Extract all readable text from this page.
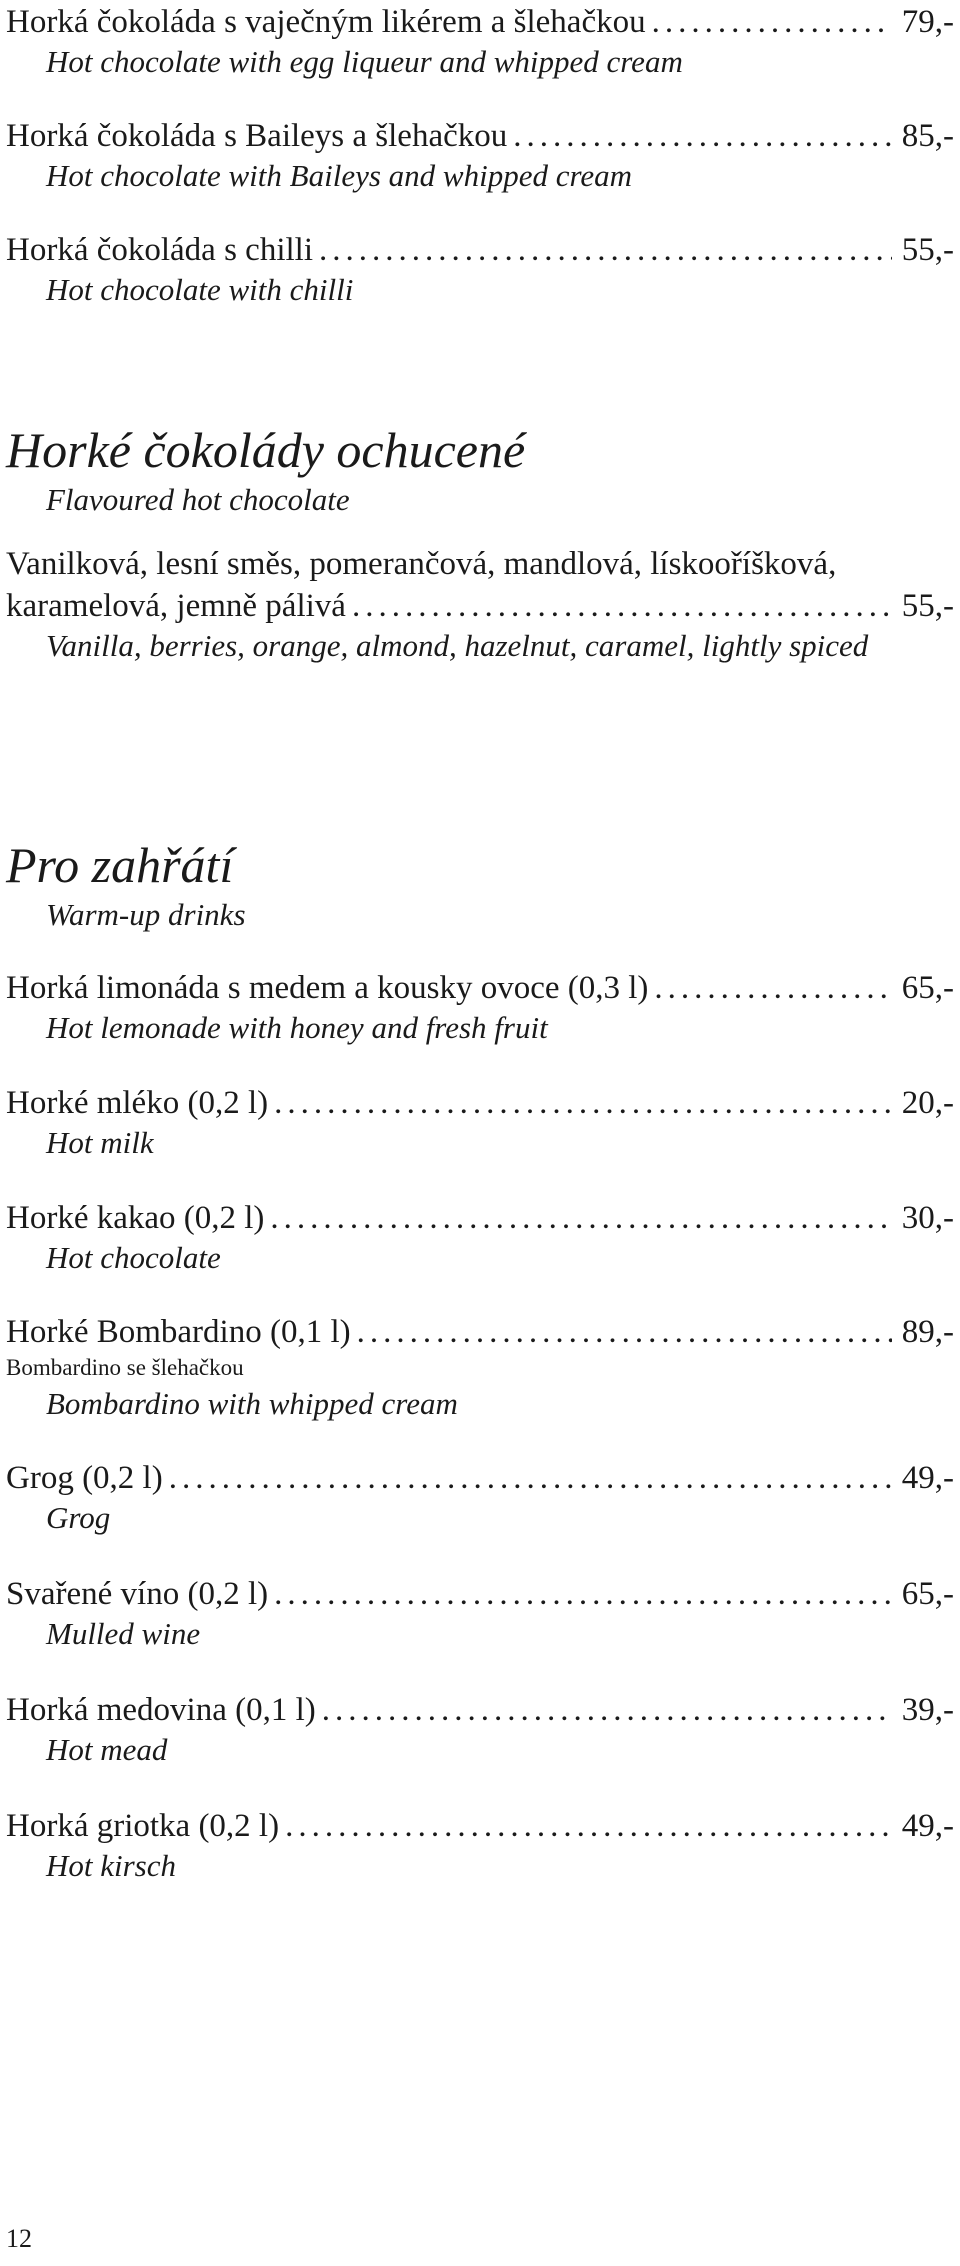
Horká čokoláda s vaječným likérem a šlehačkou .....	79,-
Hot chocolate with egg liqueur and whipped cream
Horká čokoláda s Baileys a šlehačkou .....	85,-
Hot chocolate with Baileys and whipped cream
Horká čokoláda s chilli .....	55,-
Hot chocolate with chilli
Horké čokolády ochucené
Flavoured hot chocolate
Vanilková, lesní směs, pomerančová, mandlová, lískooříšková,
karamelová, jemně pálivá .....	55,-
Vanilla, berries, orange, almond, hazelnut, caramel, lightly spiced
Pro zahřátí
Warm-up drinks
Horká limonáda s medem a kousky ovoce (0,3 l) .....	65,-
Hot lemonade with honey and fresh fruit
Horké mléko (0,2 l) .....	20,-
Hot milk
Horké kakao (0,2 l) .....	30,-
Hot chocolate
Horké Bombardino (0,1 l) .....	89,-
Bombardino se šlehačkou
Bombardino with whipped cream
Grog (0,2 l) .....	49,-
Grog
Svařené víno (0,2 l) .....	65,-
Mulled wine
Horká medovina (0,1 l) .....	39,-
Hot mead
Horká griotka (0,2 l) .....	49,-
Hot kirsch
12
